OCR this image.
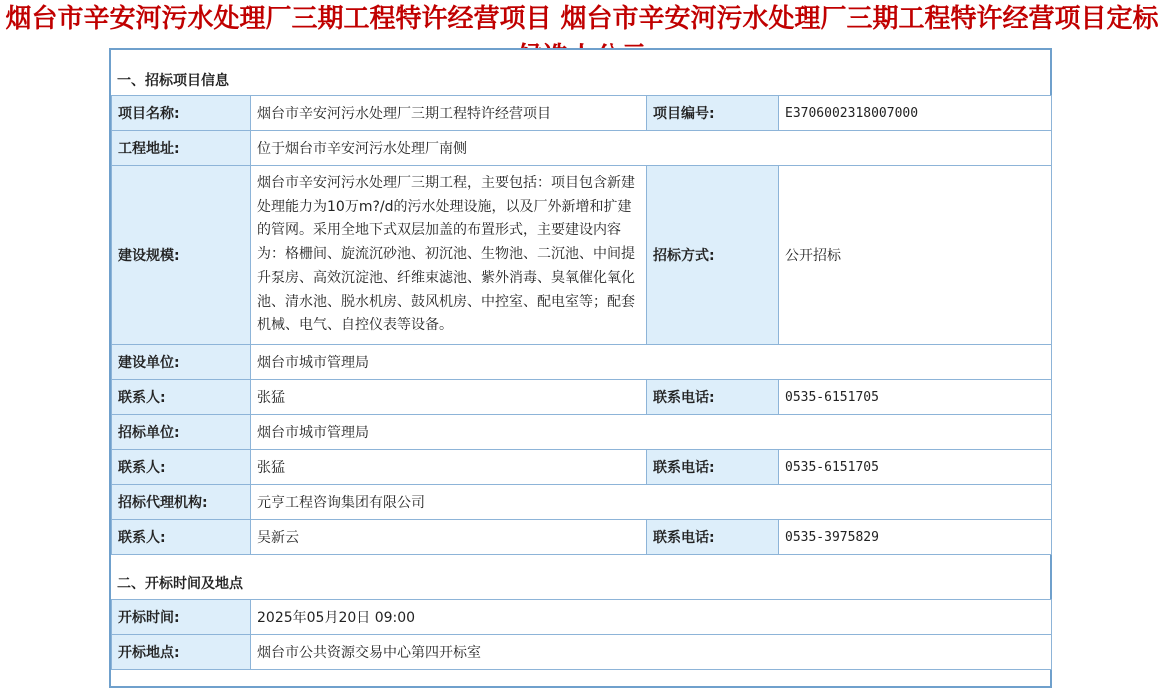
烟台市辛安河污水处理厂三期工程特许经营项目 烟台市辛安河污水处理厂三期工程特许经营项目定标
一、招标项目信息
项目名称:	烟台市辛安河污水处理厂三期工程特许经营项目	项目编号:	E3706002318007000
工程地址:	位于烟台市辛安河污水处理厂南侧		
建设规模:	烟台市辛安河污水处理厂三期工程，主要包括：项目包含新建处理能力为10万m?/d的污水处理设施，以及厂外新增和扩建的管网。采用全地下式双层加盖的布置形式，主要建设内容为：格栅间、旋流沉砂池、初沉池、生物池、二沉池、中间提升泵房、高效沉淀池、纤维束滤池、紫外消毒、臭氧催化氧化池、清水池、脱水机房、鼓风机房、中控室、配电室等；配套机械、电气、自控仪表等设备。	招标方式:	公开招标
建设单位:	烟台市城市管理局		
联系人:	张猛	联系电话:	0535-6151705
招标单位:	烟台市城市管理局		
联系人:	张猛	联系电话:	0535-6151705
招标代理机构:	元亨工程咨询集团有限公司		
联系人:	吴新云	联系电话:	0535-3975829
二、开标时间及地点
开标时间:	2025年05月20日 09:00
开标地点:	烟台市公共资源交易中心第四开标室
